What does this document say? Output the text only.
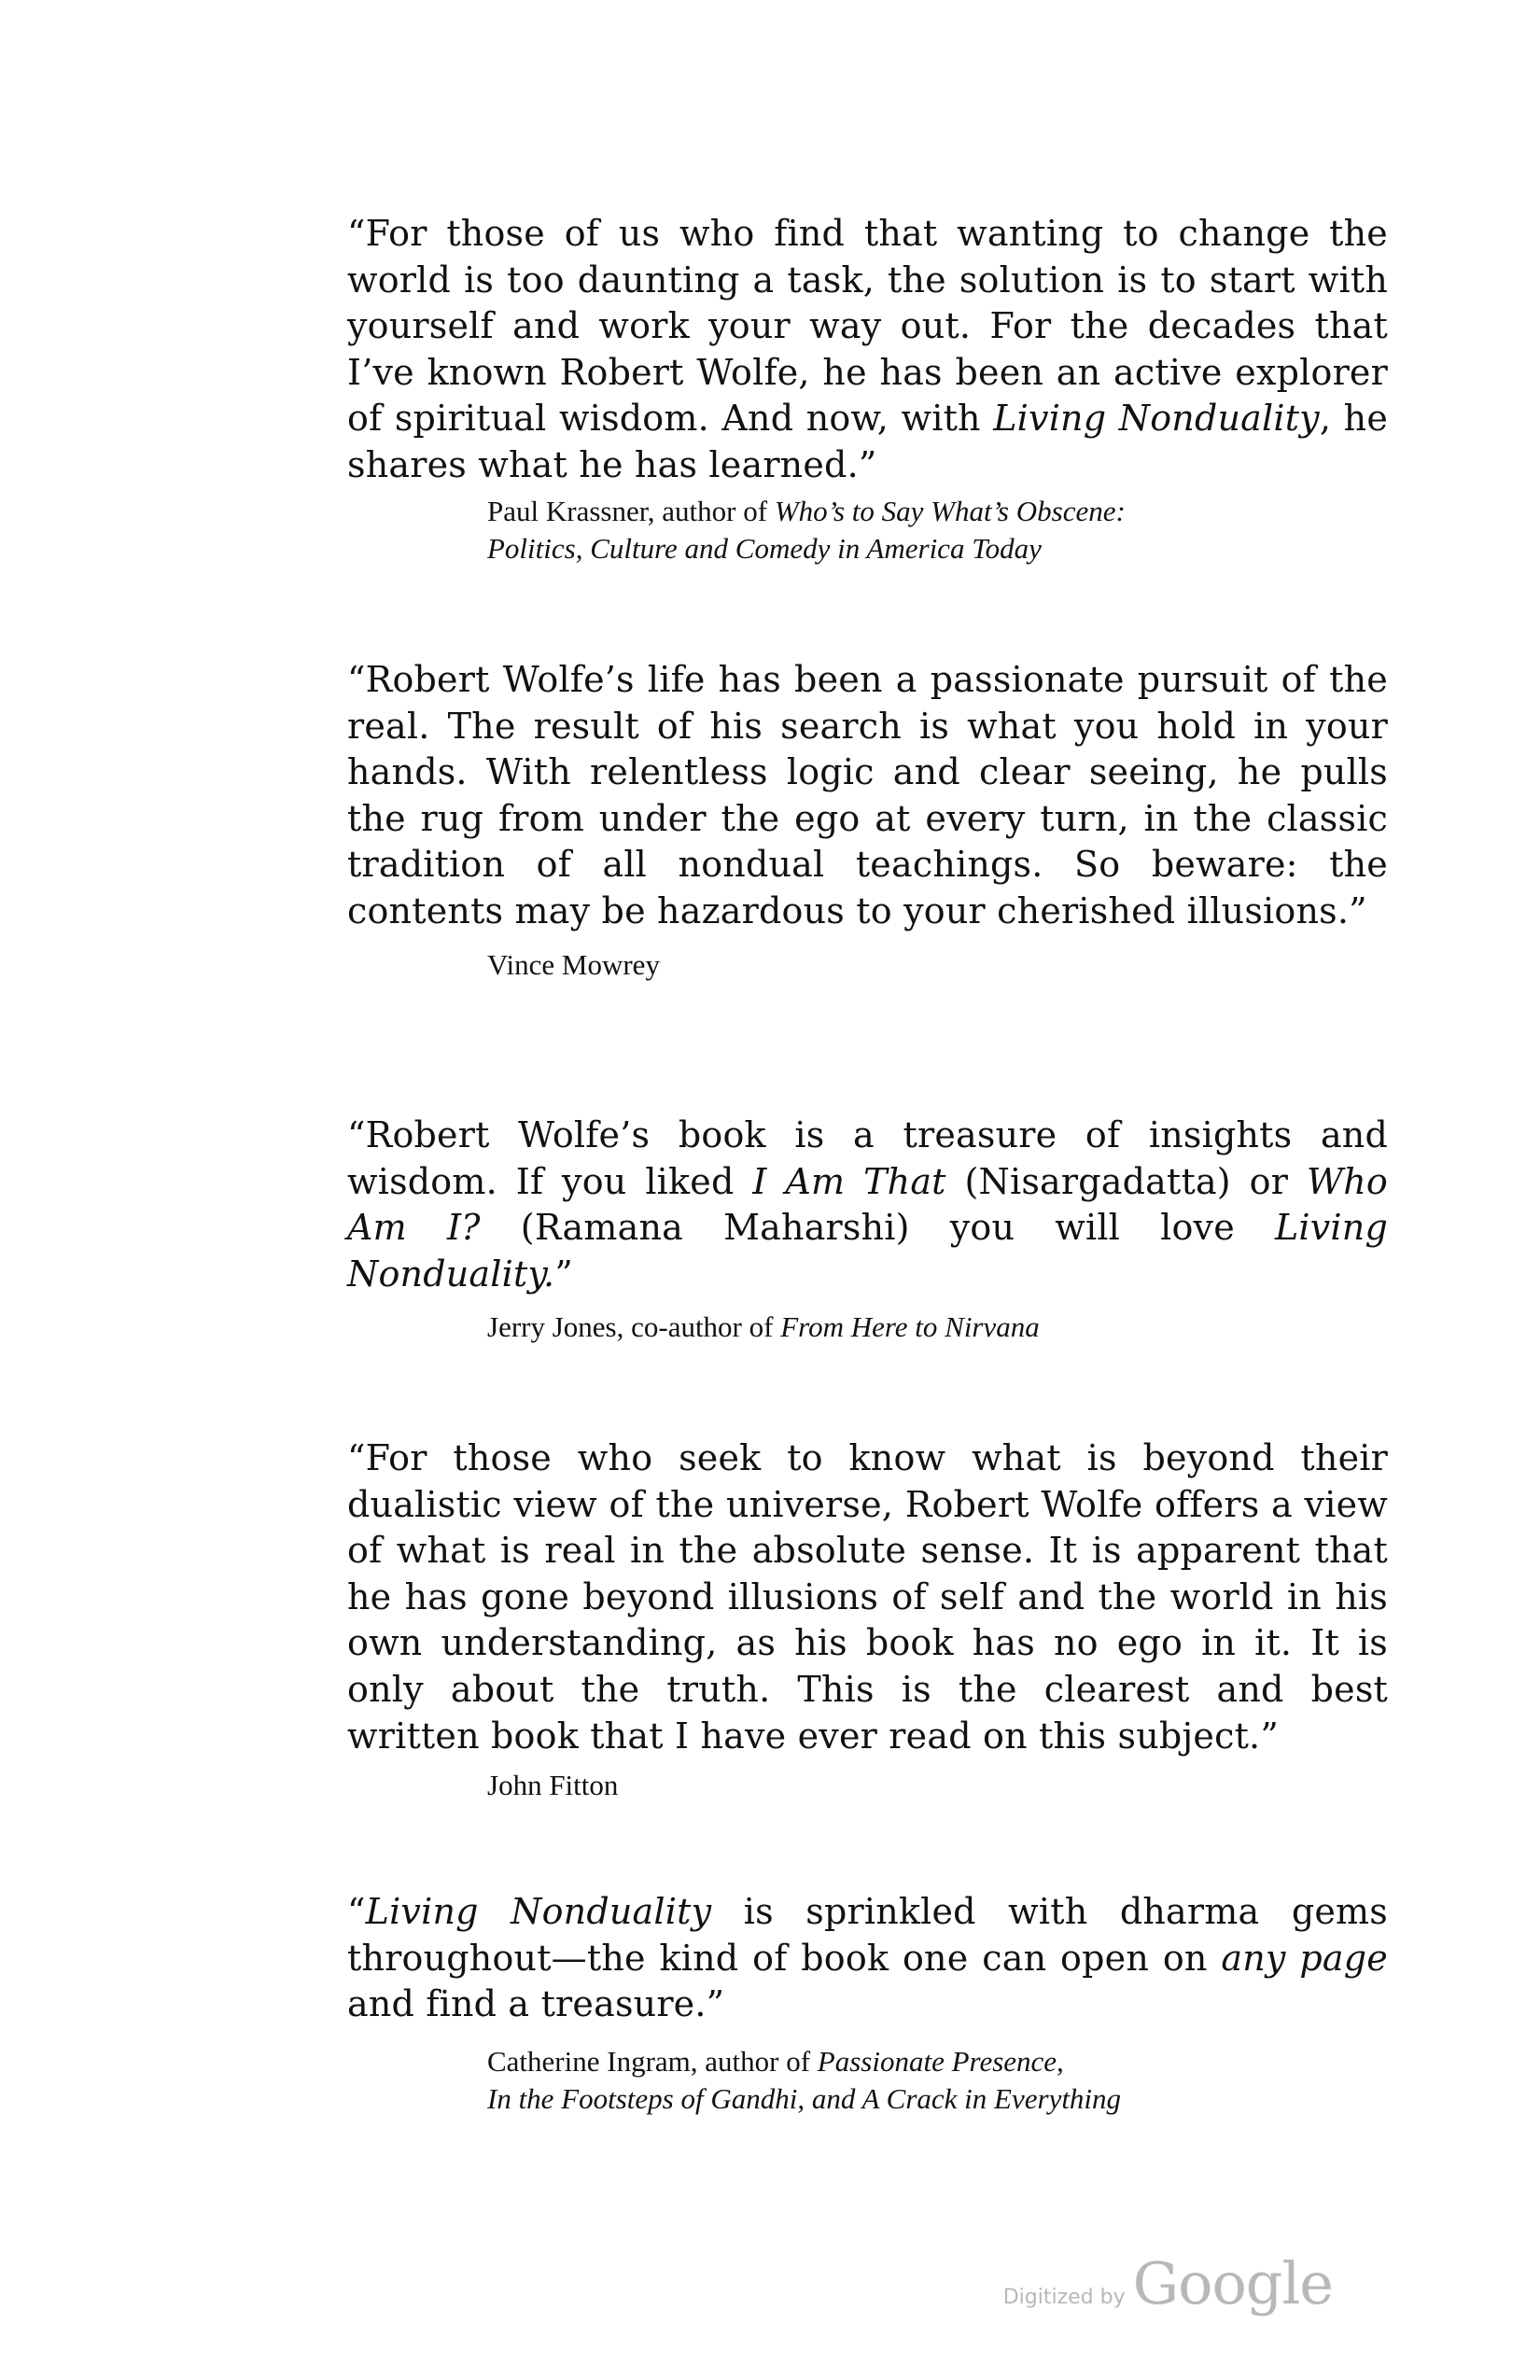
“For those of us who find that wanting to change the world is too daunting a task, the solution is to start with yourself and work your way out. For the decades that I’ve known Robert Wolfe, he has been an active explorer of spiritual wisdom. And now, with Living Nonduality, he shares what he has learned.”

Paul Krassner, author of Who’s to Say What’s Obscene:
Politics, Culture and Comedy in America Today

“Robert Wolfe’s life has been a passionate pursuit of the real. The result of his search is what you hold in your hands. With relentless logic and clear seeing, he pulls the rug from under the ego at every turn, in the classic tradition of all nondual teachings. So beware: the contents may be hazardous to your cherished illusions.”

Vince Mowrey

“Robert Wolfe’s book is a treasure of insights and wisdom. If you liked I Am That (Nisargadatta) or Who Am I? (Ramana Maharshi) you will love Living Nonduality.”

Jerry Jones, co-author of From Here to Nirvana

“For those who seek to know what is beyond their dualistic view of the universe, Robert Wolfe offers a view of what is real in the absolute sense. It is apparent that he has gone beyond illusions of self and the world in his own understanding, as his book has no ego in it. It is only about the truth. This is the clearest and best written book that I have ever read on this subject.”

John Fitton

“Living Nonduality is sprinkled with dharma gems throughout—the kind of book one can open on any page and find a treasure.”

Catherine Ingram, author of Passionate Presence,
In the Footsteps of Gandhi, and A Crack in Everything

Digitized by Google
